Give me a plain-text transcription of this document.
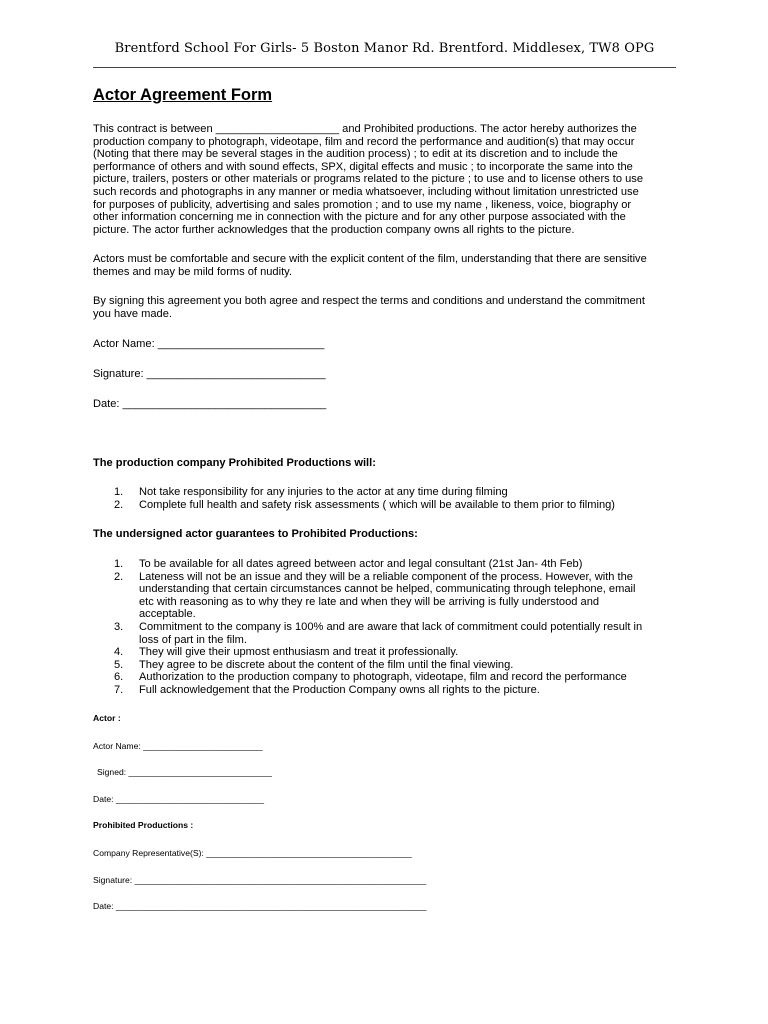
Brentford School For Girls- 5 Boston Manor Rd. Brentford. Middlesex, TW8 OPG
Actor Agreement Form
This contract is between ____________________ and Prohibited productions. The actor hereby authorizes the
production company to photograph, videotape, film and record the performance and audition(s) that may occur
(Noting that there may be several stages in the audition process) ; to edit at its discretion and to include the
performance of others and with sound effects, SPX, digital effects and music ; to incorporate the same into the
picture, trailers, posters or other materials or programs related to the picture ; to use and to license others to use
such records and photographs in any manner or media whatsoever, including without limitation unrestricted use
for purposes of publicity, advertising and sales promotion ; and to use my name , likeness, voice, biography or
other information concerning me in connection with the picture and for any other purpose associated with the
picture. The actor further acknowledges that the production company owns all rights to the picture.
Actors must be comfortable and secure with the explicit content of the film, understanding that there are sensitive
themes and may be mild forms of nudity.
By signing this agreement you both agree and respect the terms and conditions and understand the commitment
you have made.
Actor Name: ___________________________
Signature: _____________________________
Date: _________________________________
The production company Prohibited Productions will:
1. Not take responsibility for any injuries to the actor at any time during filming
2. Complete full health and safety risk assessments ( which will be available to them prior to filming)
The undersigned actor guarantees to Prohibited Productions:
1. To be available for all dates agreed between actor and legal consultant (21st Jan- 4th Feb)
2. Lateness will not be an issue and they will be a reliable component of the process. However, with the
understanding that certain circumstances cannot be helped, communicating through telephone, email
etc with reasoning as to why they re late and when they will be arriving is fully understood and
acceptable.
3. Commitment to the company is 100% and are aware that lack of commitment could potentially result in
loss of part in the film.
4. They will give their upmost enthusiasm and treat it professionally.
5. They agree to be discrete about the content of the film until the final viewing.
6. Authorization to the production company to photograph, videotape, film and record the performance
7. Full acknowledgement that the Production Company owns all rights to the picture.
Actor :
Actor Name: _________________________
Signed: ______________________________
Date: _______________________________
Prohibited Productions :
Company Representative(S): ___________________________________________
Signature: _____________________________________________________________
Date: _________________________________________________________________
